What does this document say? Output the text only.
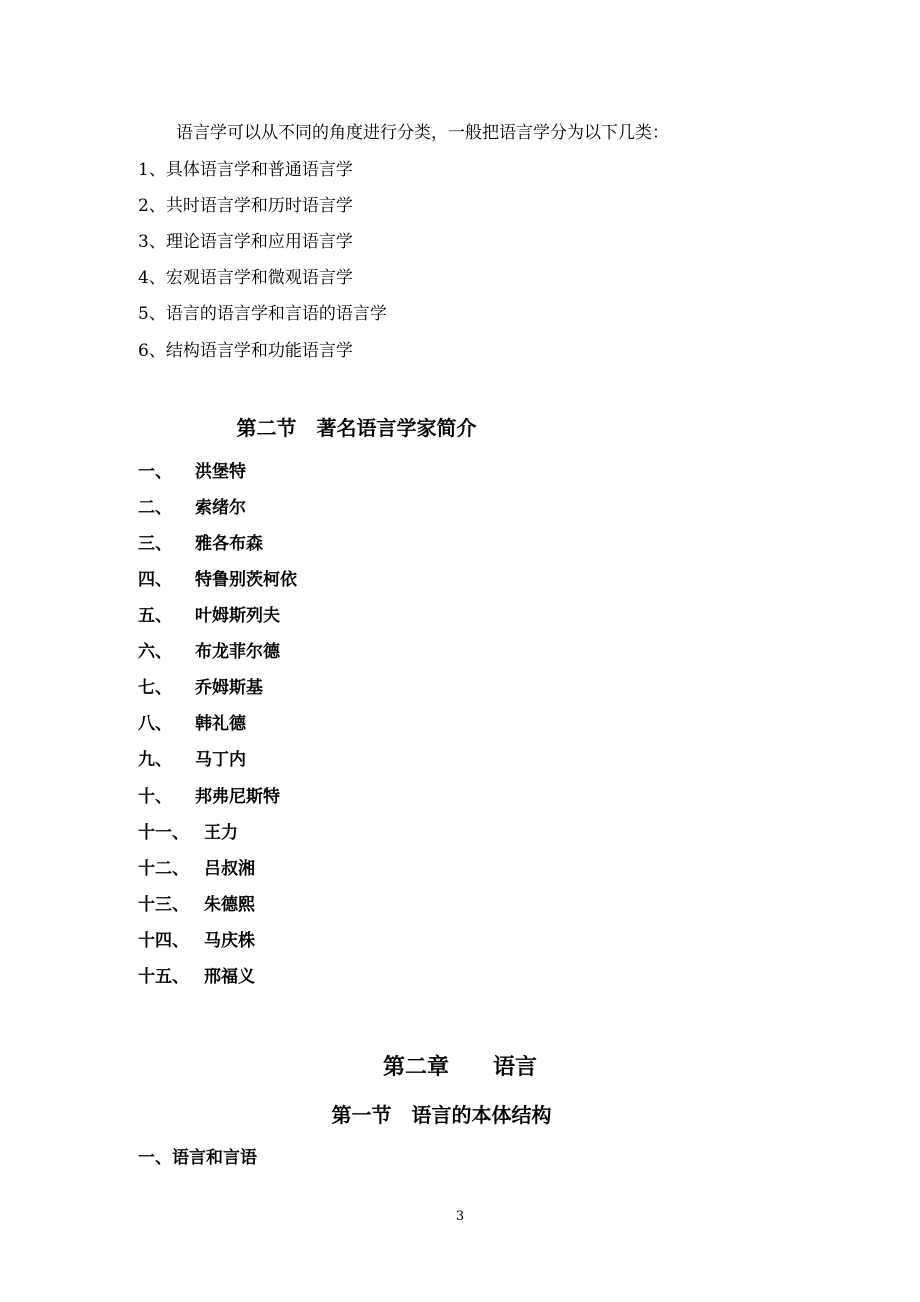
语言学可以从不同的角度进行分类，一般把语言学分为以下几类：
1、具体语言学和普通语言学
2、共时语言学和历时语言学
3、理论语言学和应用语言学
4、宏观语言学和微观语言学
5、语言的语言学和言语的语言学
6、结构语言学和功能语言学
第二节　著名语言学家简介
一、 洪堡特
二、 索绪尔
三、 雅各布森
四、 特鲁别茨柯依
五、 叶姆斯列夫
六、 布龙菲尔德
七、 乔姆斯基
八、 韩礼德
九、 马丁内
十、 邦弗尼斯特
十一、 王力
十二、 吕叔湘
十三、 朱德熙
十四、 马庆株
十五、 邢福义
第二章　　语言
第一节　语言的本体结构
一、语言和言语
3
